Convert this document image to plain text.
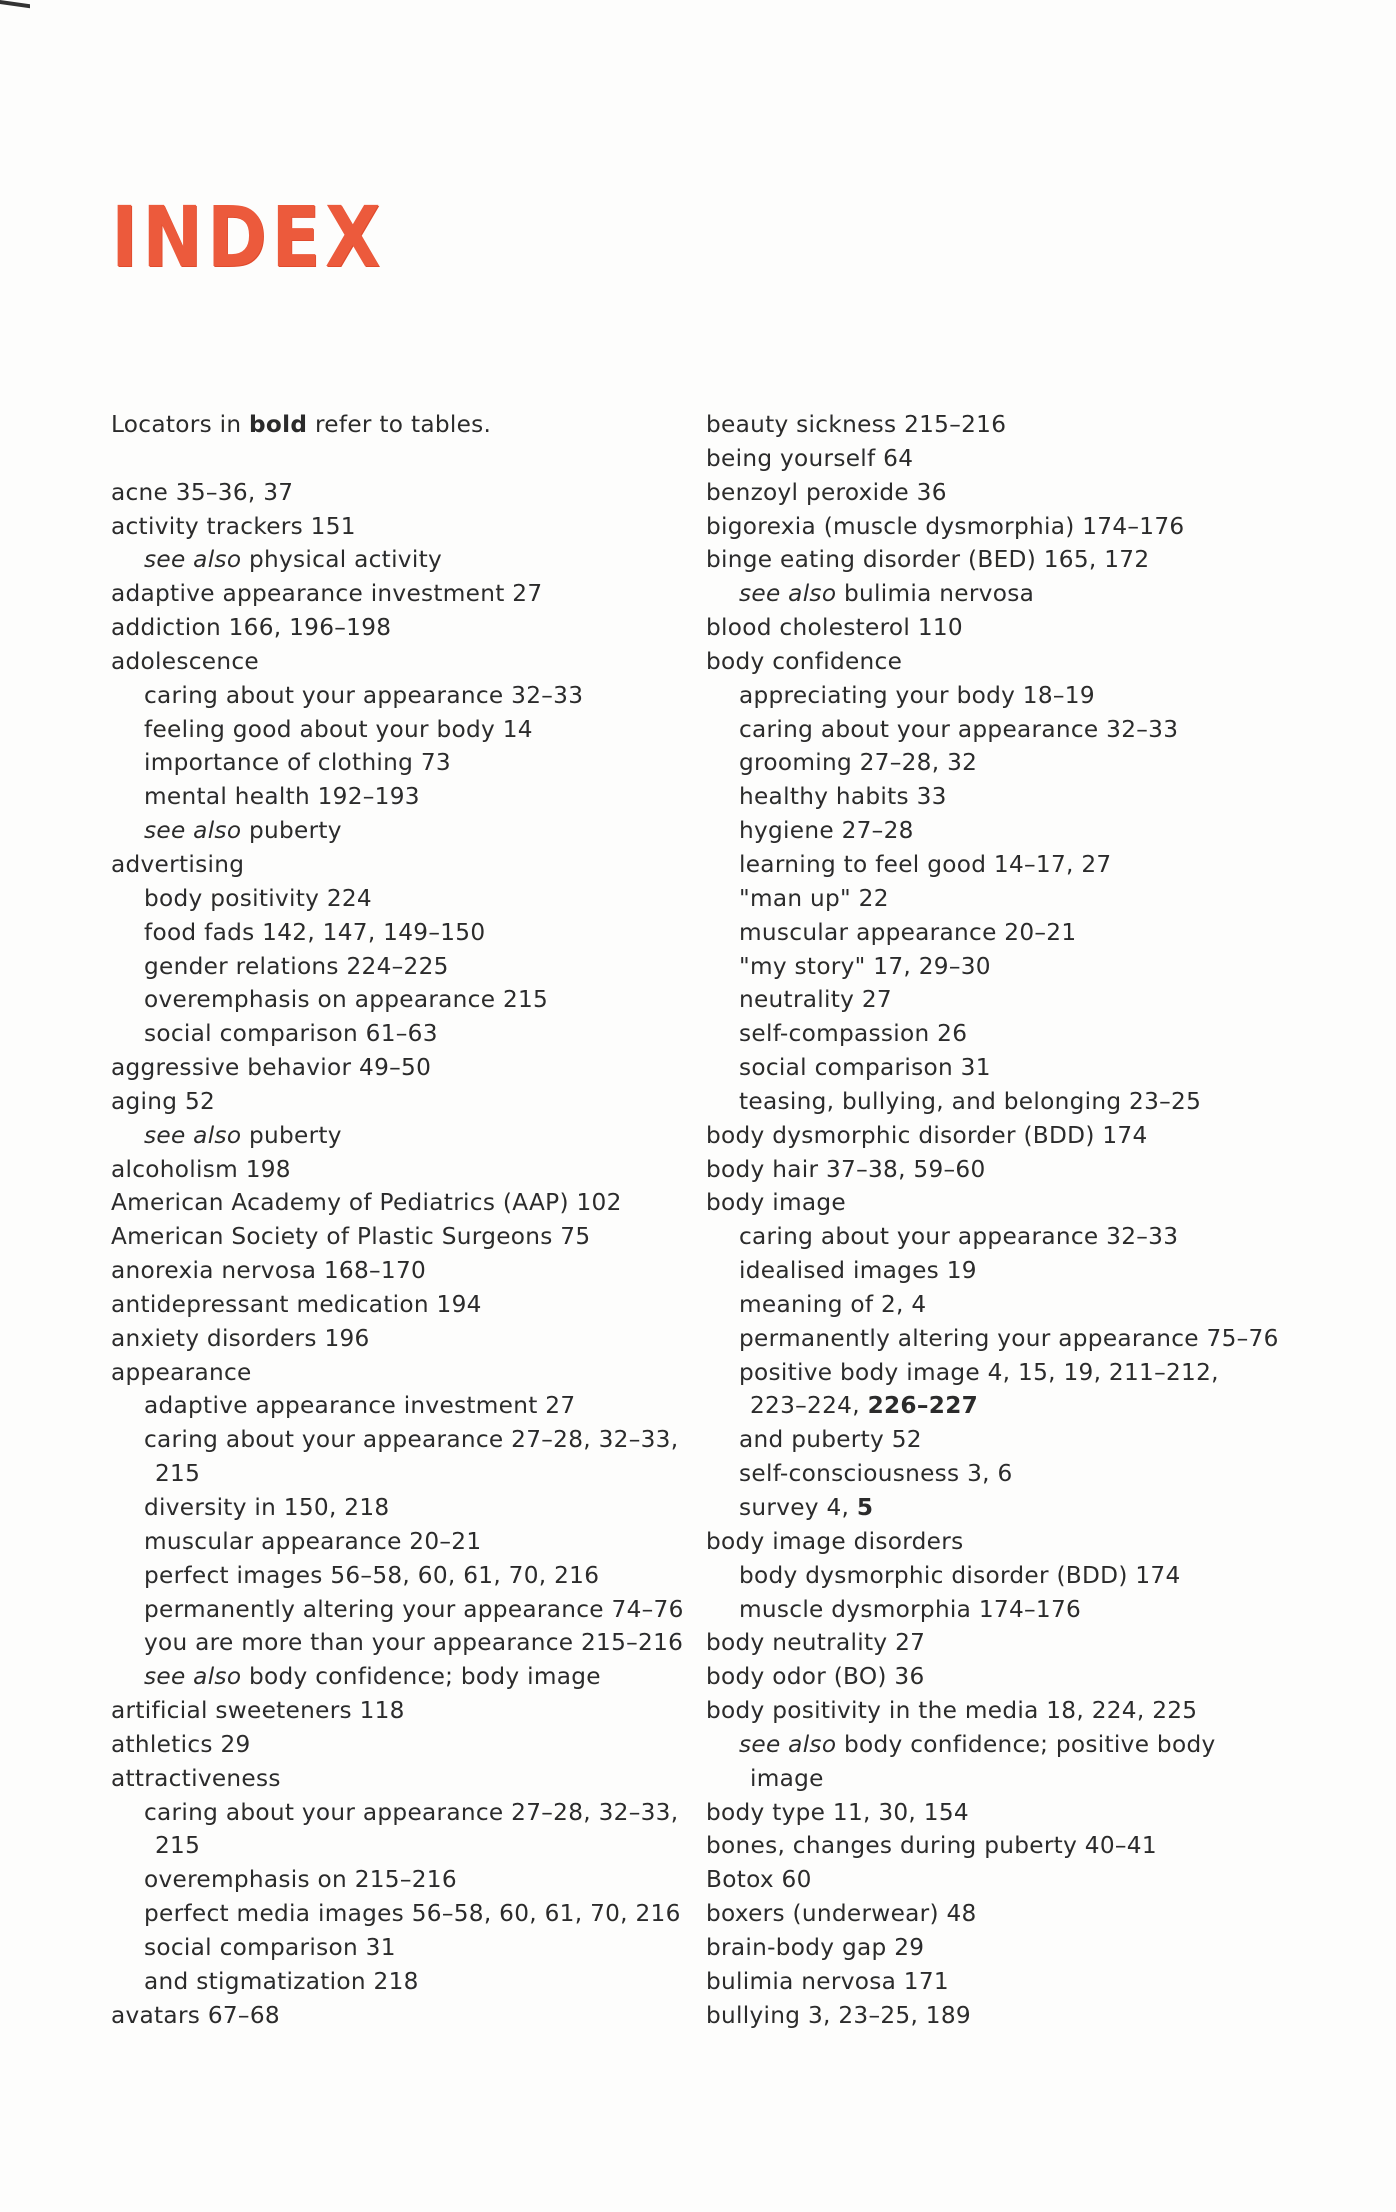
INDEX
Locators in bold refer to tables.
acne 35–36, 37
activity trackers 151
see also physical activity
adaptive appearance investment 27
addiction 166, 196–198
adolescence
caring about your appearance 32–33
feeling good about your body 14
importance of clothing 73
mental health 192–193
see also puberty
advertising
body positivity 224
food fads 142, 147, 149–150
gender relations 224–225
overemphasis on appearance 215
social comparison 61–63
aggressive behavior 49–50
aging 52
see also puberty
alcoholism 198
American Academy of Pediatrics (AAP) 102
American Society of Plastic Surgeons 75
anorexia nervosa 168–170
antidepressant medication 194
anxiety disorders 196
appearance
adaptive appearance investment 27
caring about your appearance 27–28, 32–33,
215
diversity in 150, 218
muscular appearance 20–21
perfect images 56–58, 60, 61, 70, 216
permanently altering your appearance 74–76
you are more than your appearance 215–216
see also body confidence; body image
artificial sweeteners 118
athletics 29
attractiveness
caring about your appearance 27–28, 32–33,
215
overemphasis on 215–216
perfect media images 56–58, 60, 61, 70, 216
social comparison 31
and stigmatization 218
avatars 67–68
beauty sickness 215–216
being yourself 64
benzoyl peroxide 36
bigorexia (muscle dysmorphia) 174–176
binge eating disorder (BED) 165, 172
see also bulimia nervosa
blood cholesterol 110
body confidence
appreciating your body 18–19
caring about your appearance 32–33
grooming 27–28, 32
healthy habits 33
hygiene 27–28
learning to feel good 14–17, 27
"man up" 22
muscular appearance 20–21
"my story" 17, 29–30
neutrality 27
self-compassion 26
social comparison 31
teasing, bullying, and belonging 23–25
body dysmorphic disorder (BDD) 174
body hair 37–38, 59–60
body image
caring about your appearance 32–33
idealised images 19
meaning of 2, 4
permanently altering your appearance 75–76
positive body image 4, 15, 19, 211–212,
223–224, 226–227
and puberty 52
self-consciousness 3, 6
survey 4, 5
body image disorders
body dysmorphic disorder (BDD) 174
muscle dysmorphia 174–176
body neutrality 27
body odor (BO) 36
body positivity in the media 18, 224, 225
see also body confidence; positive body
image
body type 11, 30, 154
bones, changes during puberty 40–41
Botox 60
boxers (underwear) 48
brain-body gap 29
bulimia nervosa 171
bullying 3, 23–25, 189
